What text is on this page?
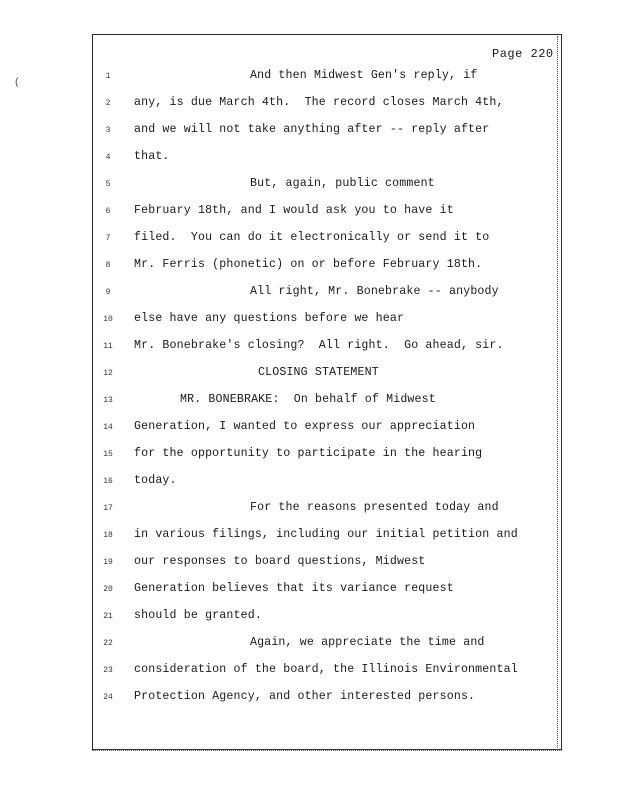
(
Page 220
1	And then Midwest Gen's reply, if
2	any, is due March 4th.  The record closes March 4th,
3	and we will not take anything after -- reply after
4	that.
5	But, again, public comment
6	February 18th, and I would ask you to have it
7	filed.  You can do it electronically or send it to
8	Mr. Ferris (phonetic) on or before February 18th.
9	All right, Mr. Bonebrake -- anybody
10 else have any questions before we hear
11 Mr. Bonebrake's closing?  All right.  Go ahead, sir.
12	CLOSING STATEMENT
13	MR. BONEBRAKE:  On behalf of Midwest
14 Generation, I wanted to express our appreciation
15 for the opportunity to participate in the hearing
16 today.
17	For the reasons presented today and
18 in various filings, including our initial petition and
19 our responses to board questions, Midwest
20 Generation believes that its variance request
21 should be granted.
22	Again, we appreciate the time and
23 consideration of the board, the Illinois Environmental
24 Protection Agency, and other interested persons.
